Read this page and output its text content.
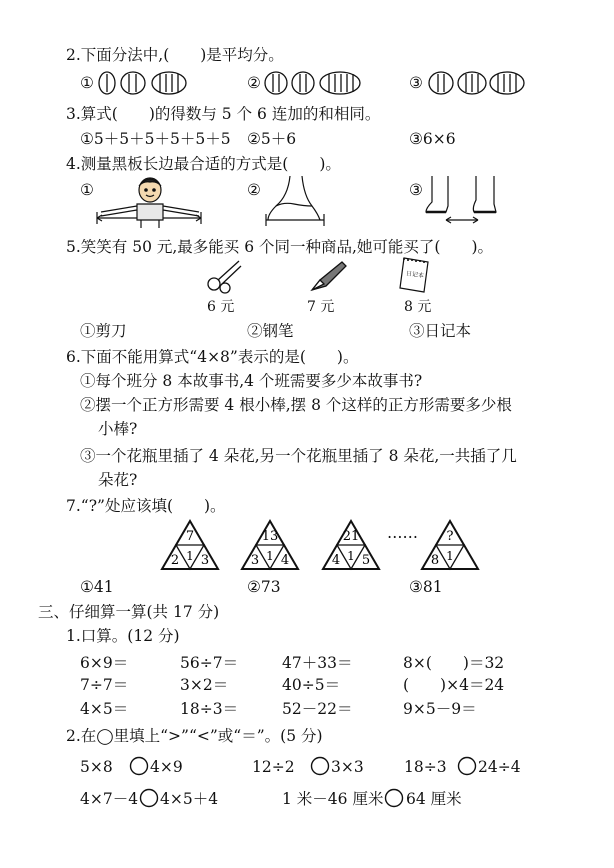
2.下面分法中,(　　)是平均分。
①	②	③
3.算式(　　)的得数与 5 个 6 连加的和相同。
①5＋5＋5＋5＋5＋5 ②5＋6	③6×6
4.测量黑板长边最合适的方式是(　　)。
①	②	③
5.笑笑有 50 元,最多能买 6 个同一种商品,她可能买了(　　)。
日记本
6 元	7 元	8 元
①剪刀	②钢笔	③日记本
6.下面不能用算式“4×8”表示的是(　　)。
①每个班分 8 本故事书,4 个班需要多少本故事书?
②摆一个正方形需要 4 根小棒,摆 8 个这样的正方形需要多少根
小棒?
③一个花瓶里插了 4 朵花,另一个花瓶里插了 8 朵花,一共插了几
朵花?
7.“?”处应该填(　　)。
7
2 1 3
13
3 1 4
21
4 1 5
…… ?
8 1
①41	②73	③81
三、仔细算一算(共 17 分)
1.口算。(12 分)
6×9＝	56÷7＝	47＋33＝	8×(　　)＝32
7÷7＝	3×2＝	40÷5＝	(　　)×4＝24
4×5＝	18÷3＝	52－22＝	9×5－9＝
2.在◯里填上“>”“<”或“＝”。(5 分)
5×8 4×9	12÷2 3×3	18÷3 24÷4
4×7－4 4×5＋4	1 米－46 厘米 64 厘米
